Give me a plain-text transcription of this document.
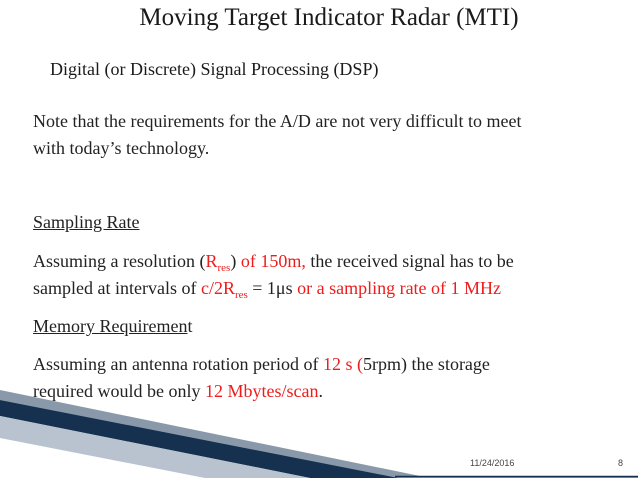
Moving Target Indicator Radar (MTI)
Digital (or Discrete) Signal Processing (DSP)
Note that the requirements for the A/D are not very difficult to meet
with today’s technology.
Sampling Rate
Assuming a resolution $(R_{res})$ of 150m, the received signal has to be
sampled at intervals of $c/2R_{res} = 1\mu s$ or a sampling rate of 1 MHz
Memory Requirement
Assuming an antenna rotation period of 12 s (5rpm) the storage
required would be only 12 Mbytes/scan.
11/24/2016	8
